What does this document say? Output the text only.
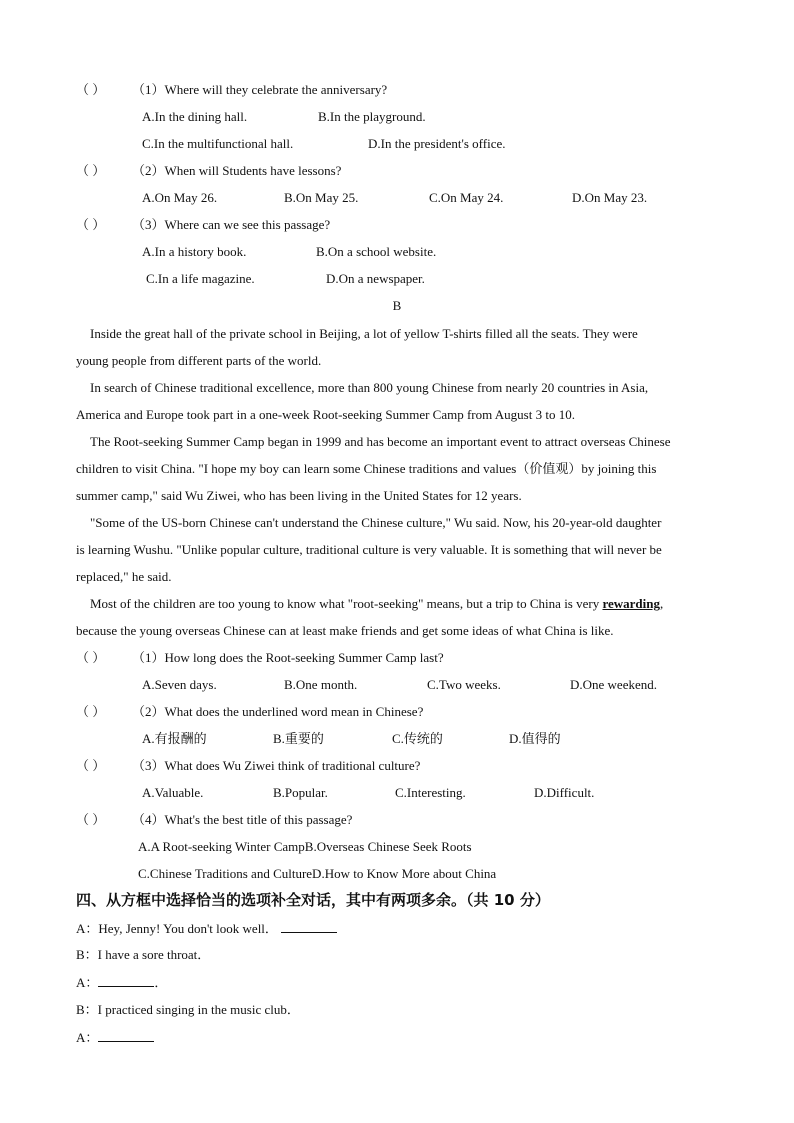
（ ） （1）Where will they celebrate the anniversary?
A.In the dining hall.	B.In the playground.
C.In the multifunctional hall.	D.In the president's office.
（ ） （2）When will Students have lessons?
A.On May 26.	B.On May 25.	C.On May 24.	D.On May 23.
（ ） （3）Where can we see this passage?
A.In a history book.	B.On a school website.
C.In a life magazine.	D.On a newspaper.
B
Inside the great hall of the private school in Beijing, a lot of yellow T-shirts filled all the seats. They were
young people from different parts of the world.
In search of Chinese traditional excellence, more than 800 young Chinese from nearly 20 countries in Asia,
America and Europe took part in a one-week Root-seeking Summer Camp from August 3 to 10.
The Root-seeking Summer Camp began in 1999 and has become an important event to attract overseas Chinese
children to visit China. "I hope my boy can learn some Chinese traditions and values（价值观）by joining this
summer camp," said Wu Ziwei, who has been living in the United States for 12 years.
"Some of the US-born Chinese can't understand the Chinese culture," Wu said. Now, his 20-year-old daughter
is learning Wushu. "Unlike popular culture, traditional culture is very valuable. It is something that will never be
replaced," he said.
Most of the children are too young to know what "root-seeking" means, but a trip to China is very rewarding,
because the young overseas Chinese can at least make friends and get some ideas of what China is like.
（ ） （1）How long does the Root-seeking Summer Camp last?
A.Seven days.	B.One month.	C.Two weeks.	D.One weekend.
（ ） （2）What does the underlined word mean in Chinese?
A.有报酬的	B.重要的	C.传统的	D.值得的
（ ） （3）What does Wu Ziwei think of traditional culture?
A.Valuable.	B.Popular.	C.Interesting.	D.Difficult.
（ ） （4）What's the best title of this passage?
A.A Root-seeking Winter CampB.Overseas Chinese Seek Roots
C.Chinese Traditions and CultureD.How to Know More about China
四、从方框中选择恰当的选项补全对话，其中有两项多余。（共 10 分）
A：Hey, Jenny! You don't look well．
B：I have a sore throat．
A：	．
B：I practiced singing in the music club．
A：
